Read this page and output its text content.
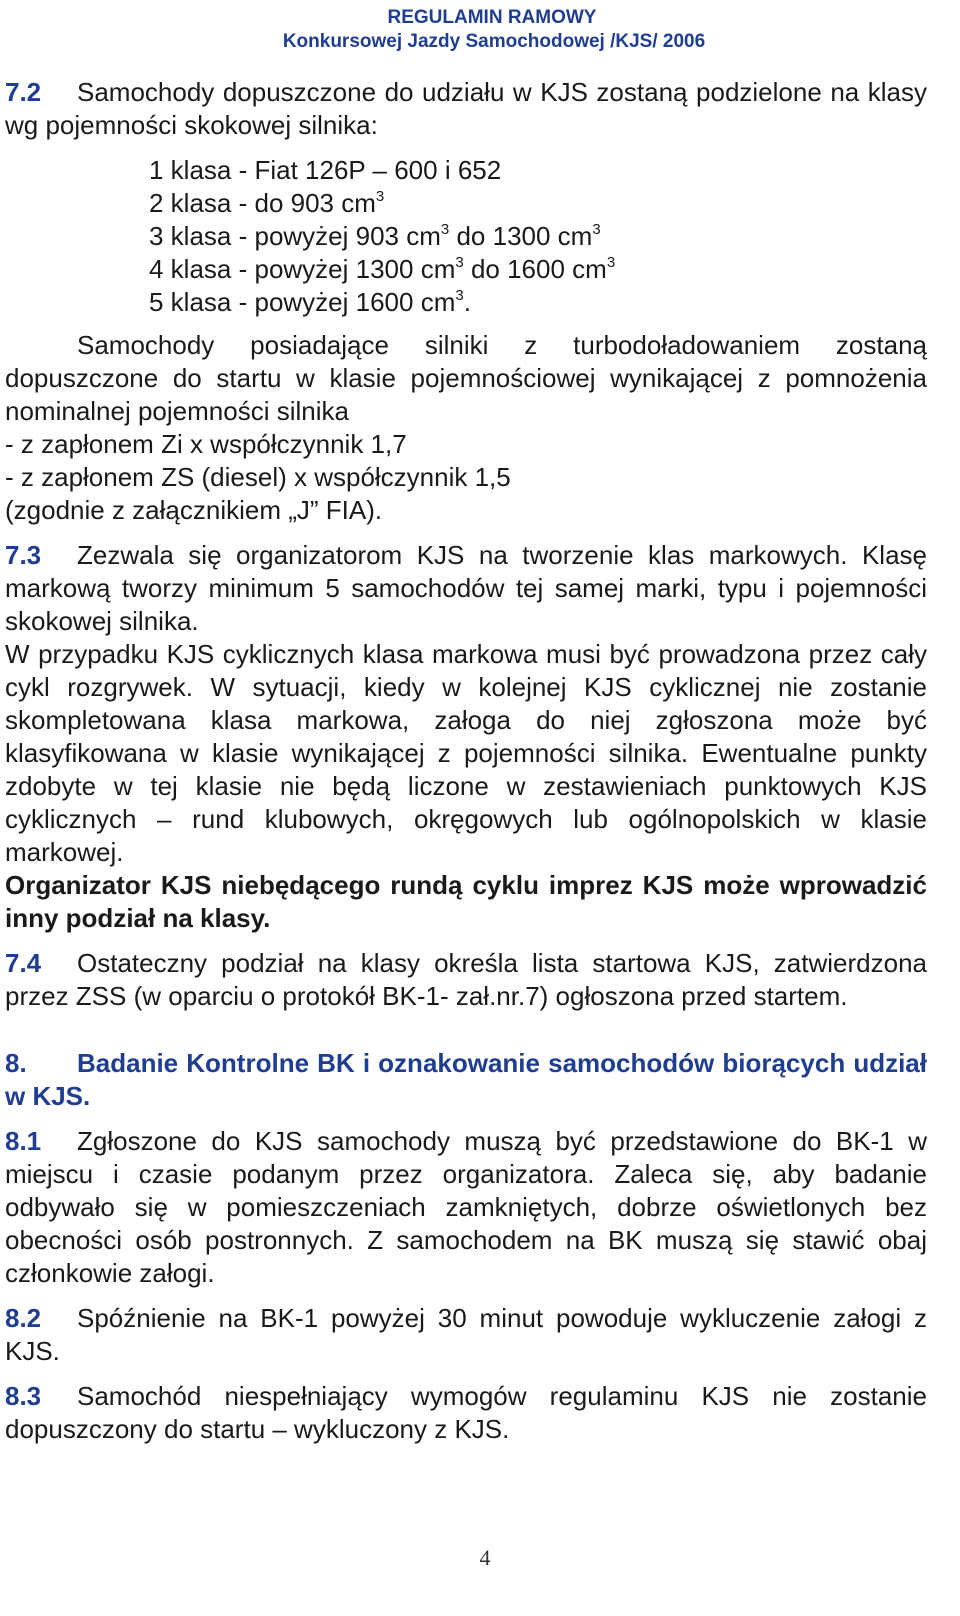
REGULAMIN RAMOWY
Konkursowej Jazdy Samochodowej /KJS/ 2006

7.2 Samochody dopuszczone do udziału w KJS zostaną podzielone na klasy wg pojemności skokowej silnika:

1 klasa - Fiat 126P – 600 i 652
2 klasa - do 903 $cm^3$
3 klasa - powyżej 903 $cm^3$ do 1300 $cm^3$
4 klasa - powyżej 1300 $cm^3$ do 1600 $cm^3$
5 klasa - powyżej 1600 $cm^3$.

Samochody posiadające silniki z turbodoładowaniem zostaną dopuszczone do startu w klasie pojemnościowej wynikającej z pomnożenia nominalnej pojemności silnika

- z zapłonem Zi x współczynnik 1,7

- z zapłonem ZS (diesel) x współczynnik 1,5

(zgodnie z załącznikiem „J” FIA).

7.3 Zezwala się organizatorom KJS na tworzenie klas markowych. Klasę markową tworzy minimum 5 samochodów tej samej marki, typu i pojemności skokowej silnika.

W przypadku KJS cyklicznych klasa markowa musi być prowadzona przez cały cykl rozgrywek. W sytuacji, kiedy w kolejnej KJS cyklicznej nie zostanie skompletowana klasa markowa, załoga do niej zgłoszona może być klasyfikowana w klasie wynikającej z pojemności silnika. Ewentualne punkty zdobyte w tej klasie nie będą liczone w zestawieniach punktowych KJS cyklicznych – rund klubowych, okręgowych lub ogólnopolskich w klasie markowej.

Organizator KJS niebędącego rundą cyklu imprez KJS może wprowadzić inny podział na klasy.

7.4 Ostateczny podział na klasy określa lista startowa KJS, zatwierdzona przez ZSS (w oparciu o protokół BK-1- zał.nr.7) ogłoszona przed startem.

8. Badanie Kontrolne BK i oznakowanie samochodów biorących udział w KJS.

8.1 Zgłoszone do KJS samochody muszą być przedstawione do BK-1 w miejscu i czasie podanym przez organizatora. Zaleca się, aby badanie odbywało się w pomieszczeniach zamkniętych, dobrze oświetlonych bez obecności osób postronnych. Z samochodem na BK muszą się stawić obaj członkowie załogi.

8.2 Spóźnienie na BK-1 powyżej 30 minut powoduje wykluczenie załogi z KJS.

8.3 Samochód niespełniający wymogów regulaminu KJS nie zostanie dopuszczony do startu – wykluczony z KJS.

4
